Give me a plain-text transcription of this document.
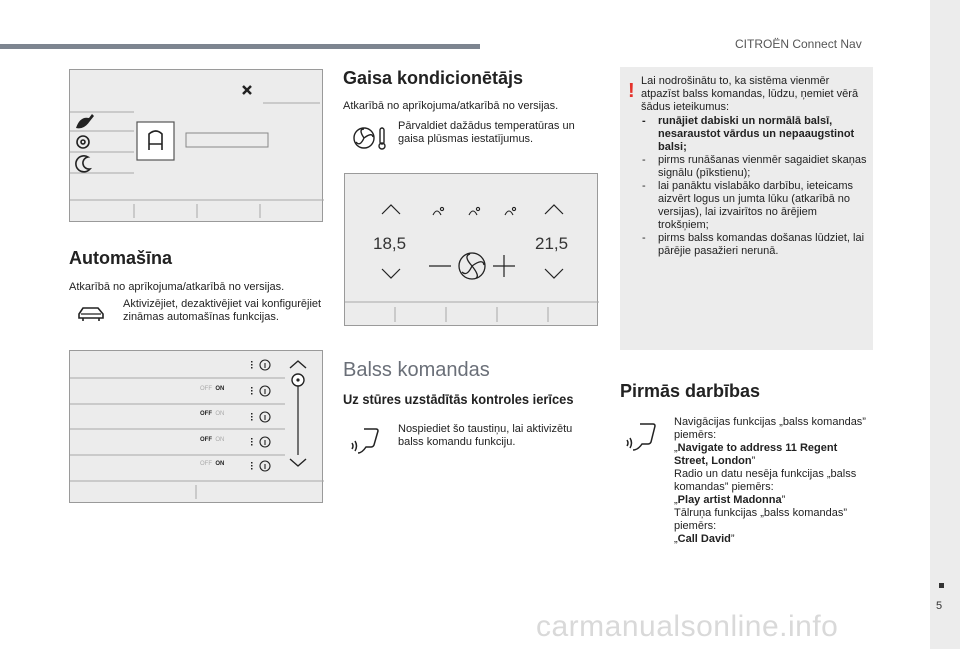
CITROËN Connect Nav
5
carmanualsonline.info
Automašīna
Atkarībā no aprīkojuma/atkarībā no versijas.
Aktivizējiet, dezaktivējiet vai konfigurējiet zināmas automašīnas funkcijas.
OFF ON
OFF ON
OFF ON
OFF ON
Gaisa kondicionētājs
Atkarībā no aprīkojuma/atkarībā no versijas.
Pārvaldiet dažādus temperatūras un gaisa plūsmas iestatījumus.
18,5	21,5
Balss komandas
Uz stūres uzstādītās kontroles ierīces
Nospiediet šo taustiņu, lai aktivizētu balss komandu funkciju.
! Lai nodrošinātu to, ka sistēma vienmēr atpazīst balss komandas, lūdzu, ņemiet vērā šādus ieteikumus:
- runājiet dabiski un normālā balsī, nesaraustot vārdus un nepaaugstinot balsi;
- pirms runāšanas vienmēr sagaidiet skaņas signālu (pīkstienu);
- lai panāktu vislabāko darbību, ieteicams aizvērt logus un jumta lūku (atkarībā no versijas), lai izvairītos no ārējiem trokšņiem;
- pirms balss komandas došanas lūdziet, lai pārējie pasažieri nerunā.
Pirmās darbības
Navigācijas funkcijas „balss komandas” piemērs:
„Navigate to address 11 Regent Street, London”
Radio un datu nesēja funkcijas „balss komandas” piemērs:
„Play artist Madonna”
Tālruņa funkcijas „balss komandas” piemērs:
„Call David”
